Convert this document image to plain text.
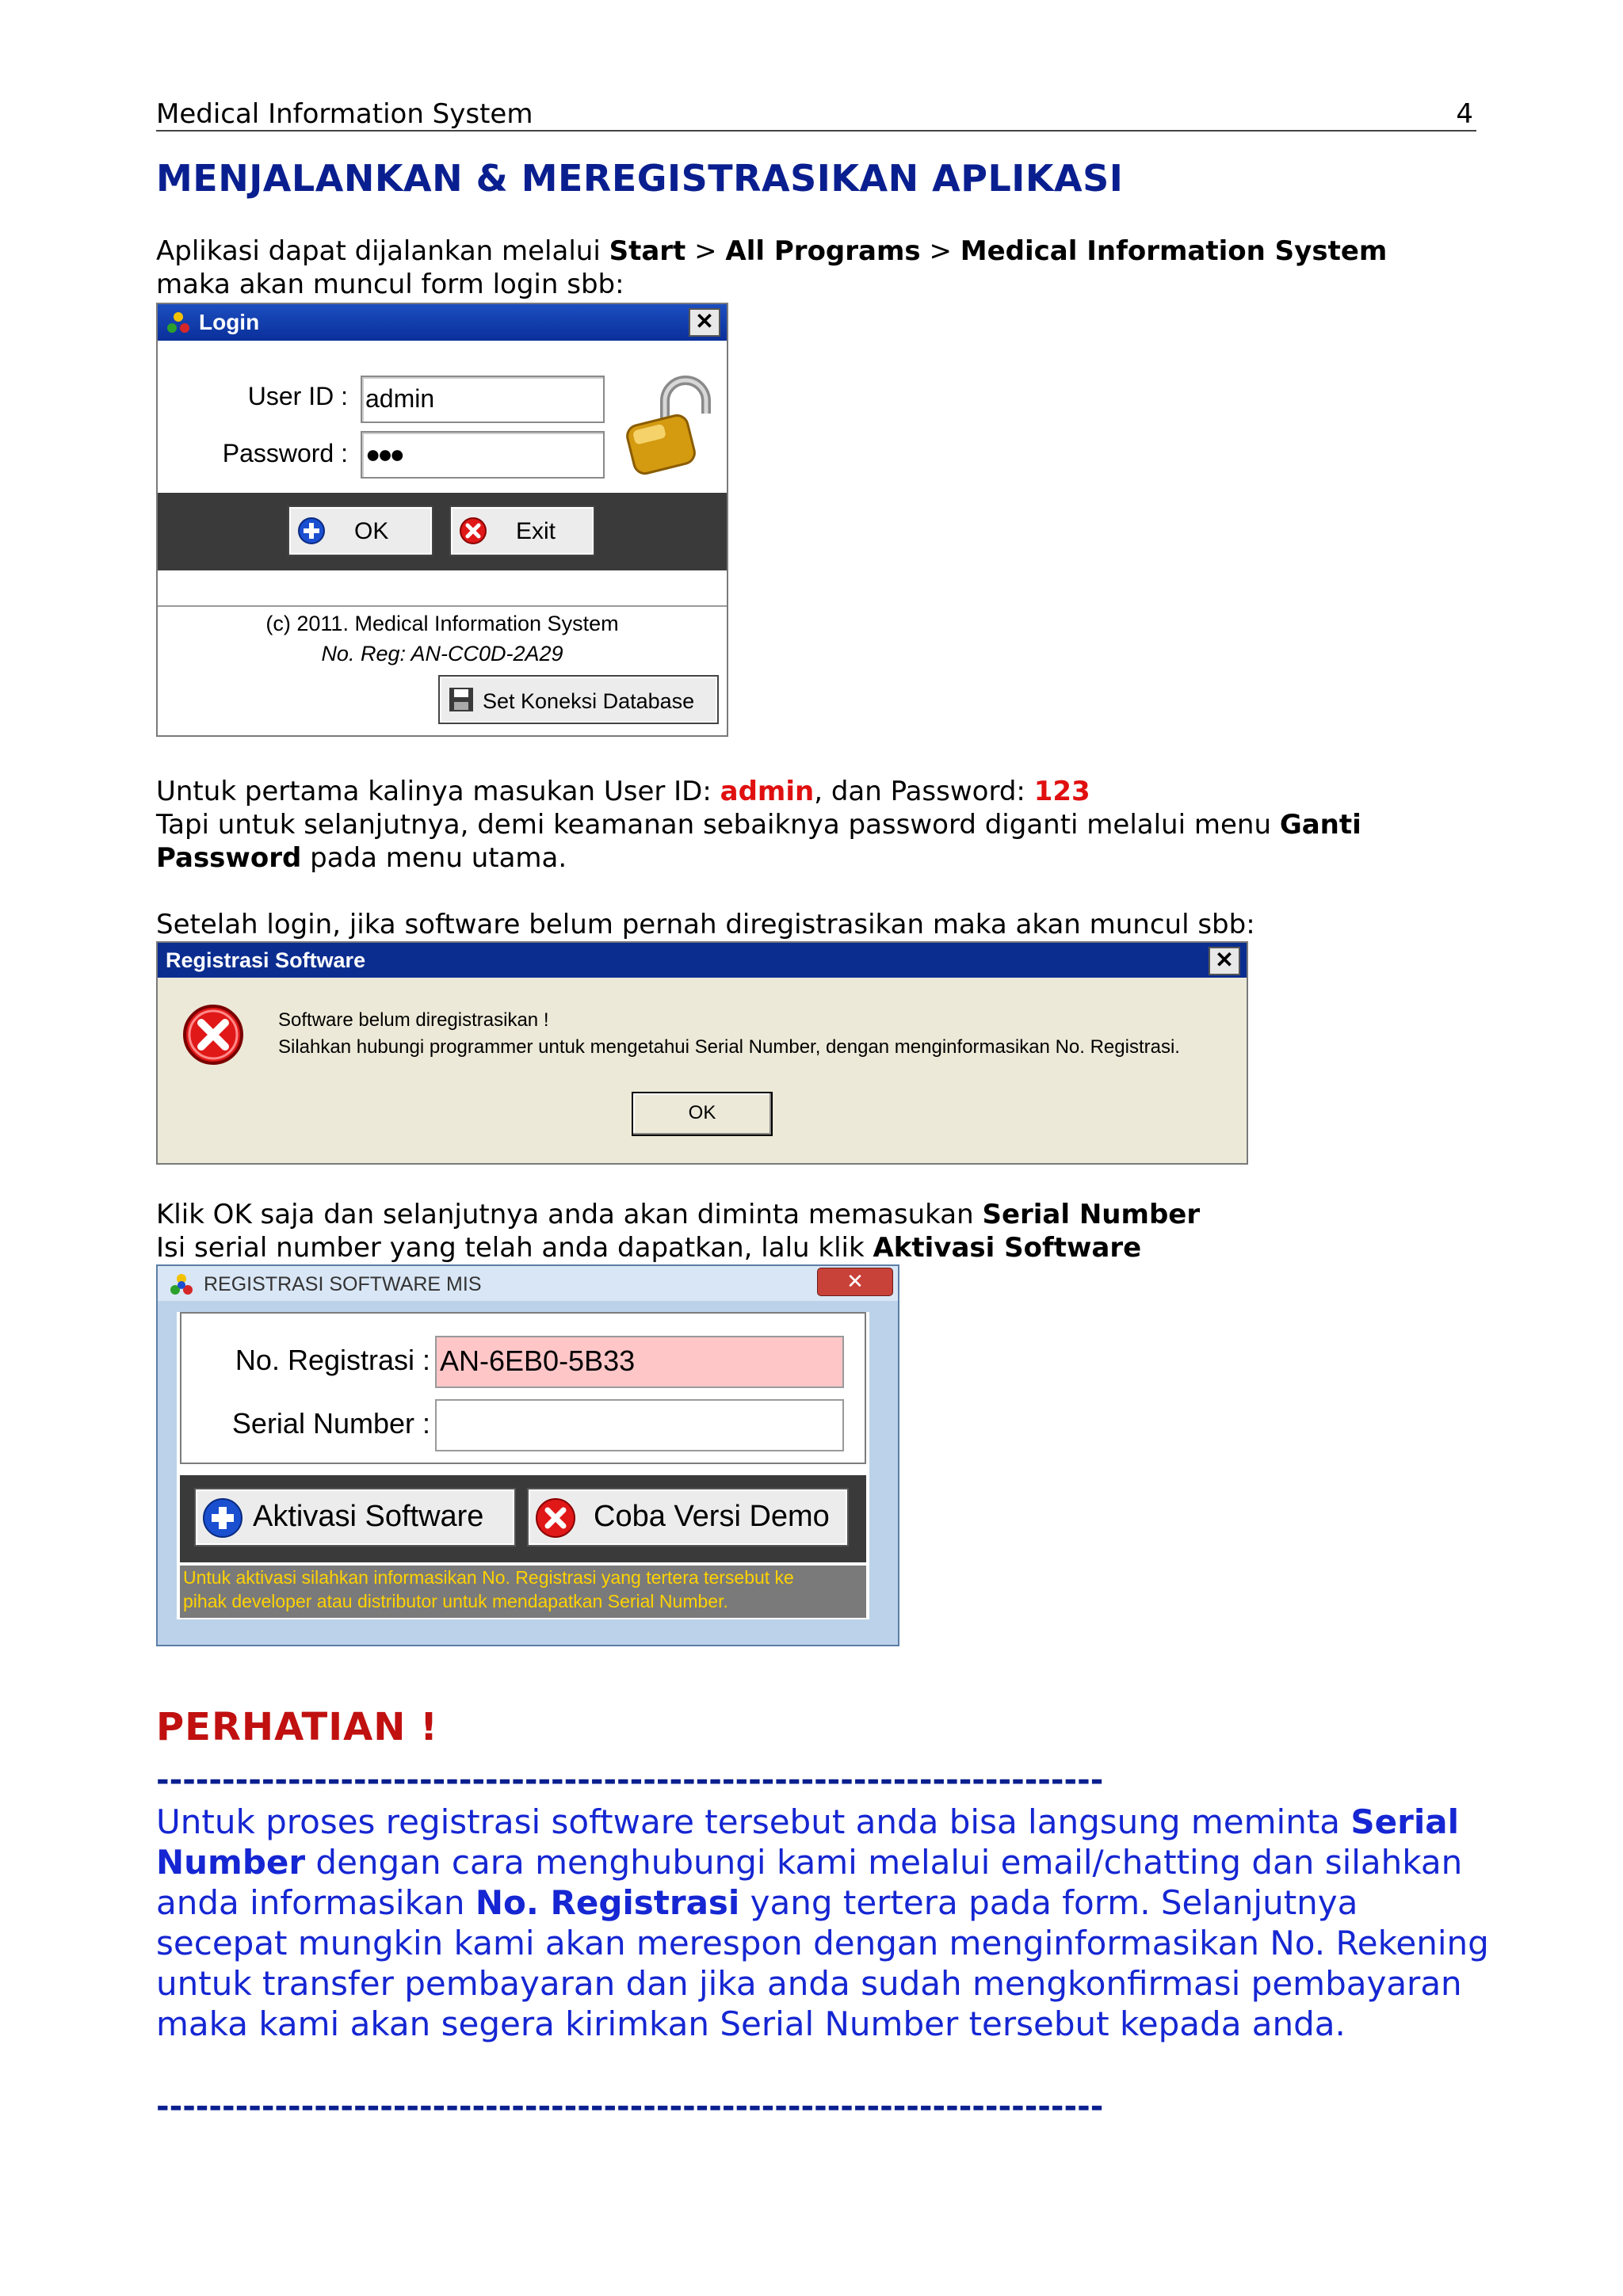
Medical Information System	4
MENJALANKAN & MEREGISTRASIKAN APLIKASI
Aplikasi dapat dijalankan melalui Start > All Programs > Medical Information System
maka akan muncul form login sbb:
Login	✕
User ID : admin
Password : ●●●
OK	Exit
(c) 2011. Medical Information System
No. Reg: AN-CC0D-2A29
Set Koneksi Database
Untuk pertama kalinya masukan User ID: admin, dan Password: 123
Tapi untuk selanjutnya, demi keamanan sebaiknya password diganti melalui menu Ganti
Password pada menu utama.
Setelah login, jika software belum pernah diregistrasikan maka akan muncul sbb:
Registrasi Software	✕
Software belum diregistrasikan !
Silahkan hubungi programmer untuk mengetahui Serial Number, dengan menginformasikan No. Registrasi.
OK
Klik OK saja dan selanjutnya anda akan diminta memasukan Serial Number
Isi serial number yang telah anda dapatkan, lalu klik Aktivasi Software
REGISTRASI SOFTWARE MIS	✕
No. Registrasi : AN-6EB0-5B33
Serial Number :
Aktivasi Software	Coba Versi Demo
Untuk aktivasi silahkan informasikan No. Registrasi yang tertera tersebut ke
pihak developer atau distributor untuk mendapatkan Serial Number.
PERHATIAN !
------------------------------------------------------------------------
Untuk proses registrasi software tersebut anda bisa langsung meminta Serial Number dengan cara menghubungi kami melalui email/chatting dan silahkan anda informasikan No. Registrasi yang tertera pada form. Selanjutnya secepat mungkin kami akan merespon dengan menginformasikan No. Rekening untuk transfer pembayaran dan jika anda sudah mengkonfirmasi pembayaran maka kami akan segera kirimkan Serial Number tersebut kepada anda.
------------------------------------------------------------------------
